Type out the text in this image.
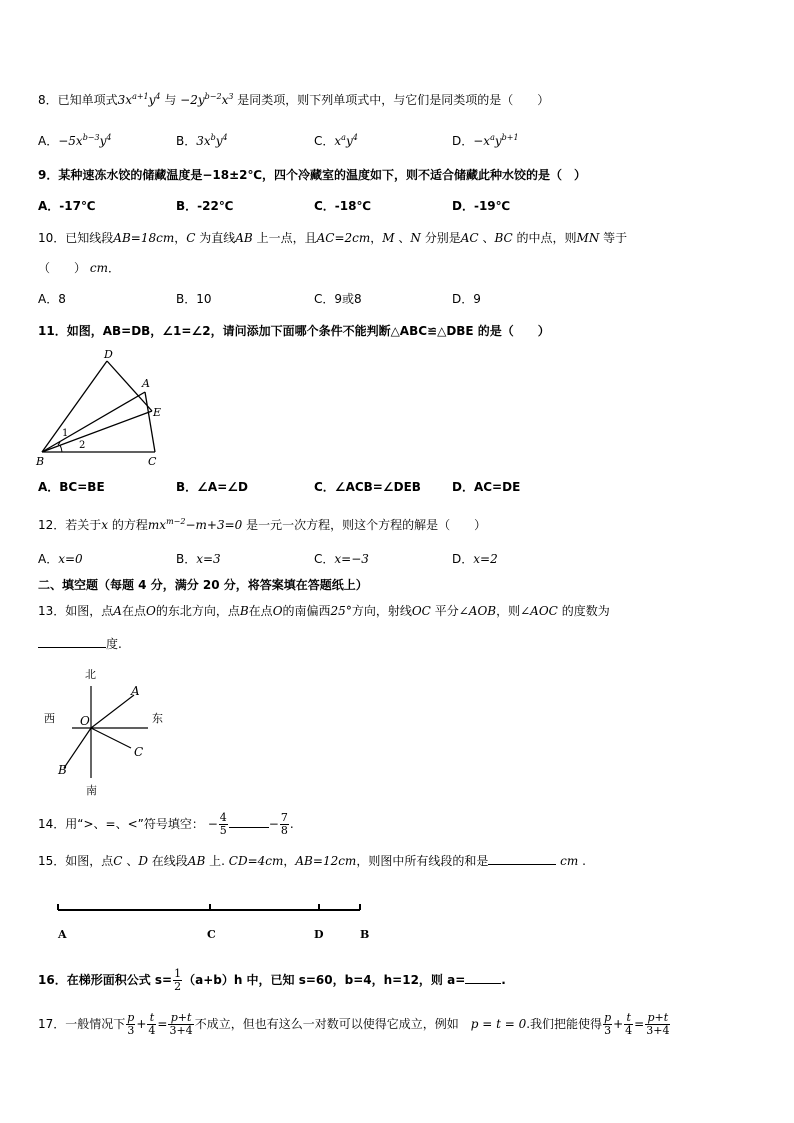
8．已知单项式$3x^{a+1}y^4$ 与 $-2y^{b-2}x^3$ 是同类项，则下列单项式中，与它们是同类项的是（　　）
A．$-5x^{b-3}y^4$	B．$3x^by^4$	C．$x^ay^4$	D．$-x^ay^{b+1}$
9．某种速冻水饺的储藏温度是−18±2℃，四个冷藏室的温度如下，则不适合储藏此种水饺的是（　）
A．-17℃	B．-22℃	C．-18℃	D．-19℃
10．已知线段AB=18cm，C 为直线AB 上一点，且AC=2cm，M 、N 分别是AC 、BC 的中点，则MN 等于
（　　） cm．
A．8	B．10	C．9或8	D．9
11．如图，AB=DB，∠1=∠2，请问添加下面哪个条件不能判断△ABC≌△DBE 的是（　　）
D
A
E
1
2
B	C
A．BC=BE	B．∠A=∠D	C．∠ACB=∠DEB	D．AC=DE
12．若关于x 的方程$mx^{m-2}-m+3=0$ 是一元一次方程，则这个方程的解是（　　）
A．x=0	B．x=3	C．x=−3	D．x=2
二、填空题（每题 4 分，满分 20 分，将答案填在答题纸上）
13．如图，点A在点O的东北方向，点B在点O的南偏西25°方向，射线OC 平分∠AOB，则∠AOC 的度数为
度.
北
西	东
南
O
A
B
C
14．用“>、=、<”符号填空： − $\frac{4}{5}$	− $\frac{7}{8}$ .
15．如图，点C 、D 在线段AB 上. CD=4cm，AB=12cm，则图中所有线段的和是	cm .
A	C	D	B
16．在梯形面积公式 $s= \frac{1}{2} (a+b)h$ 中，已知 s=60，b=4，h=12，则 a=	.
17．一般情况下 $\frac{p}{3} + \frac{t}{4} = \frac{p+t}{3+4}$ 不成立，但也有这么一对数可以使得它成立，例如　 p = t = 0.我们把能使得 $\frac{p}{3} + \frac{t}{4} = \frac{p+t}{3+4}$
